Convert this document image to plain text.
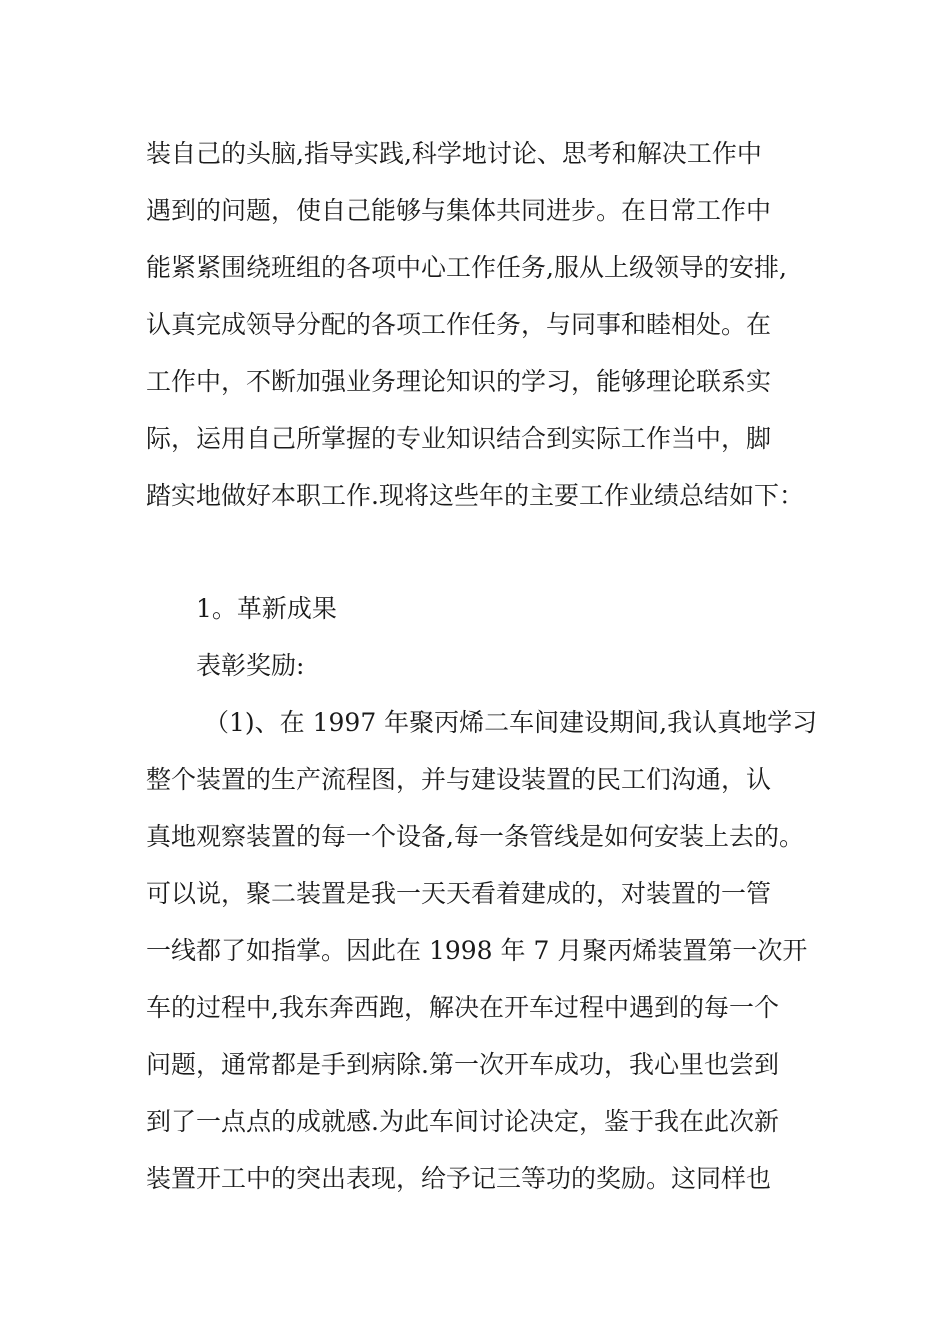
装自己的头脑,指导实践,科学地讨论、思考和解决工作中
遇到的问题，使自己能够与集体共同进步。在日常工作中
能紧紧围绕班组的各项中心工作任务,服从上级领导的安排,
认真完成领导分配的各项工作任务，与同事和睦相处。在
工作中，不断加强业务理论知识的学习，能够理论联系实
际，运用自己所掌握的专业知识结合到实际工作当中，脚
踏实地做好本职工作.现将这些年的主要工作业绩总结如下：
1。革新成果
表彰奖励:
（1)、在 1997 年聚丙烯二车间建设期间,我认真地学习
整个装置的生产流程图，并与建设装置的民工们沟通，认
真地观察装置的每一个设备,每一条管线是如何安装上去的。
可以说，聚二装置是我一天天看着建成的，对装置的一管
一线都了如指掌。因此在 1998 年 7 月聚丙烯装置第一次开
车的过程中,我东奔西跑，解决在开车过程中遇到的每一个
问题，通常都是手到病除.第一次开车成功，我心里也尝到
到了一点点的成就感.为此车间讨论决定，鉴于我在此次新
装置开工中的突出表现，给予记三等功的奖励。这同样也
